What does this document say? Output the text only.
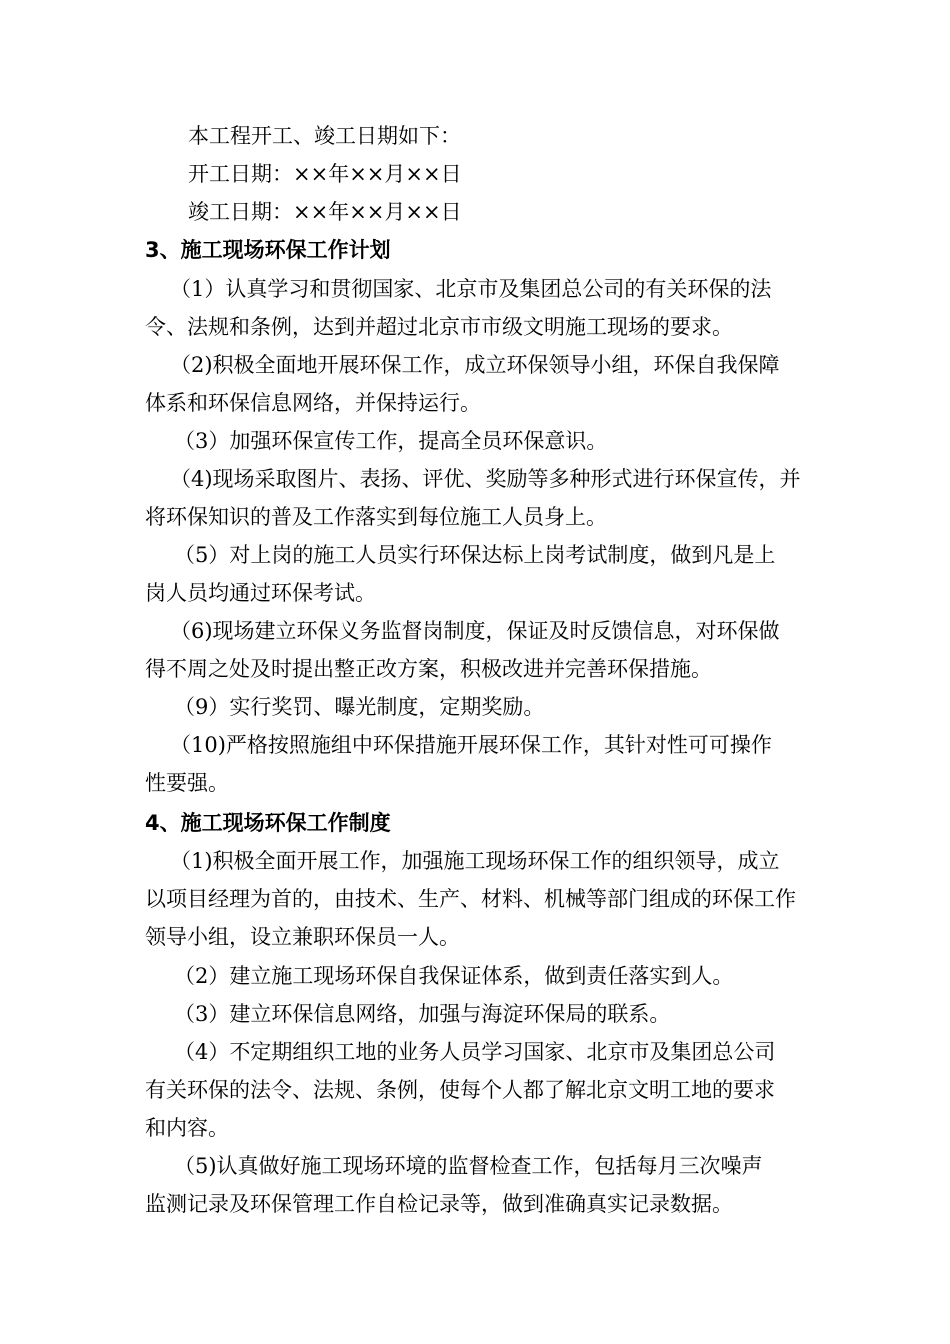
本工程开工、竣工日期如下：
开工日期：××年××月××日
竣工日期：××年××月××日
3、施工现场环保工作计划
（1）认真学习和贯彻国家、北京市及集团总公司的有关环保的法
令、法规和条例，达到并超过北京市市级文明施工现场的要求。
（2)积极全面地开展环保工作，成立环保领导小组，环保自我保障
体系和环保信息网络，并保持运行。
（3）加强环保宣传工作，提高全员环保意识。
（4)现场采取图片、表扬、评优、奖励等多种形式进行环保宣传，并
将环保知识的普及工作落实到每位施工人员身上。
（5）对上岗的施工人员实行环保达标上岗考试制度，做到凡是上
岗人员均通过环保考试。
（6)现场建立环保义务监督岗制度，保证及时反馈信息，对环保做
得不周之处及时提出整正改方案，积极改进并完善环保措施。
（9）实行奖罚、曝光制度，定期奖励。
（10)严格按照施组中环保措施开展环保工作，其针对性可可操作
性要强。
4、施工现场环保工作制度
（1)积极全面开展工作，加强施工现场环保工作的组织领导，成立
以项目经理为首的，由技术、生产、材料、机械等部门组成的环保工作
领导小组，设立兼职环保员一人。
（2）建立施工现场环保自我保证体系，做到责任落实到人。
（3）建立环保信息网络，加强与海淀环保局的联系。
（4）不定期组织工地的业务人员学习国家、北京市及集团总公司
有关环保的法令、法规、条例，使每个人都了解北京文明工地的要求
和内容。
（5)认真做好施工现场环境的监督检查工作，包括每月三次噪声
监测记录及环保管理工作自检记录等，做到准确真实记录数据。
